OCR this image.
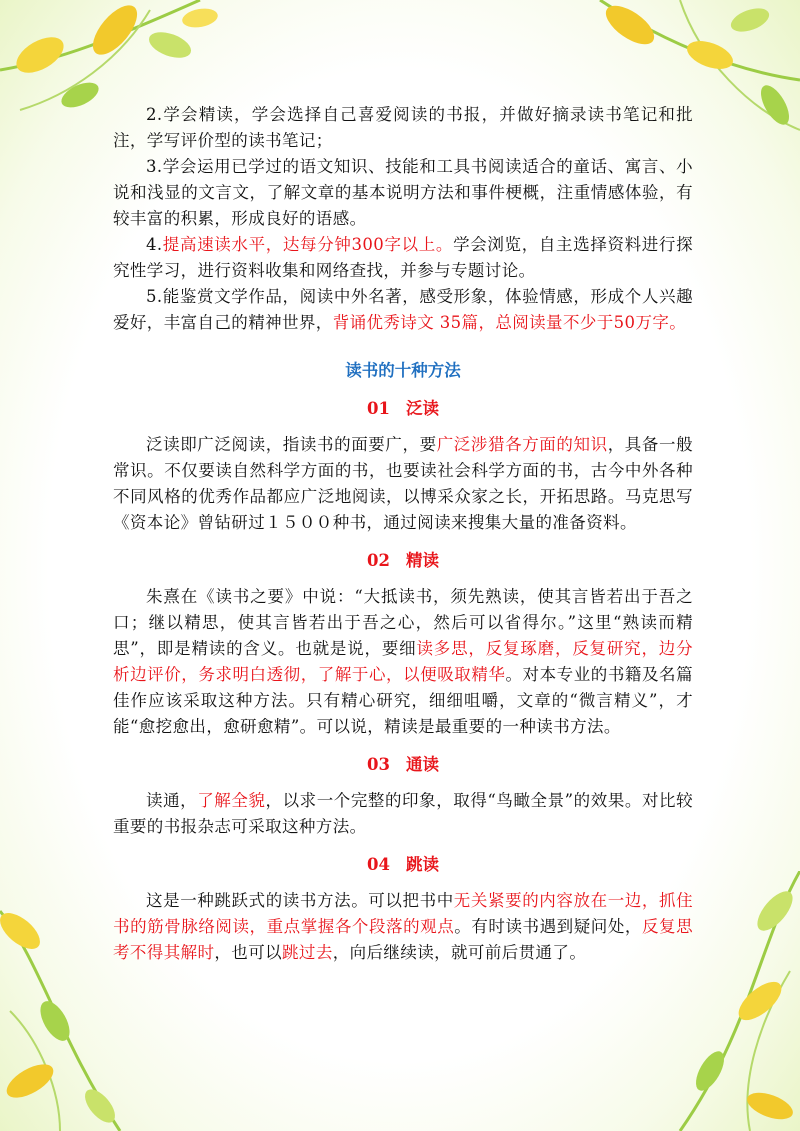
2.学会精读，学会选择自己喜爱阅读的书报，并做好摘录读书笔记和批注，学写评价型的读书笔记；

3.学会运用已学过的语文知识、技能和工具书阅读适合的童话、寓言、小说和浅显的文言文，了解文章的基本说明方法和事件梗概，注重情感体验，有较丰富的积累，形成良好的语感。

4.提高速读水平，达每分钟300字以上。学会浏览，自主选择资料进行探究性学习，进行资料收集和网络查找，并参与专题讨论。

5.能鉴赏文学作品，阅读中外名著，感受形象，体验情感，形成个人兴趣爱好，丰富自己的精神世界，背诵优秀诗文 35篇，总阅读量不少于50万字。

读书的十种方法
01 泛读

泛读即广泛阅读，指读书的面要广，要广泛涉猎各方面的知识，具备一般常识。不仅要读自然科学方面的书，也要读社会科学方面的书，古今中外各种不同风格的优秀作品都应广泛地阅读，以博采众家之长，开拓思路。马克思写《资本论》曾钻研过１５００种书，通过阅读来搜集大量的准备资料。

02 精读

朱熹在《读书之要》中说：“大抵读书，须先熟读，使其言皆若出于吾之口；继以精思，使其言皆若出于吾之心，然后可以省得尔。”这里“熟读而精思”，即是精读的含义。也就是说，要细读多思，反复琢磨，反复研究，边分析边评价，务求明白透彻，了解于心，以便吸取精华。对本专业的书籍及名篇佳作应该采取这种方法。只有精心研究，细细咀嚼，文章的“微言精义”，才能“愈挖愈出，愈研愈精”。可以说，精读是最重要的一种读书方法。

03 通读

读通，了解全貌，以求一个完整的印象，取得“鸟瞰全景”的效果。对比较重要的书报杂志可采取这种方法。

04 跳读

这是一种跳跃式的读书方法。可以把书中无关紧要的内容放在一边，抓住书的筋骨脉络阅读，重点掌握各个段落的观点。有时读书遇到疑问处，反复思考不得其解时，也可以跳过去，向后继续读，就可前后贯通了。
